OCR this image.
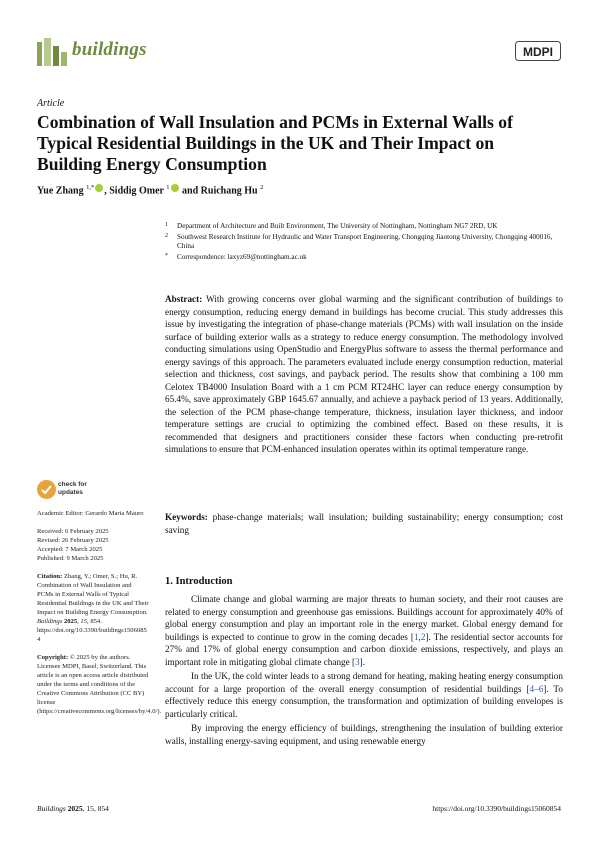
buildings	MDPI
Article
Combination of Wall Insulation and PCMs in External Walls of Typical Residential Buildings in the UK and Their Impact on Building Energy Consumption
Yue Zhang $^{1,*}$ , Siddig Omer $^1$ and Ruichang Hu $^2$
1 Department of Architecture and Built Environment, The University of Nottingham, Nottingham NG7 2RD, UK
2 Southwest Research Institute for Hydraulic and Water Transport Engineering, Chongqing Jiaotong University, Chongqing 400016, China
* Correspondence: laxyz69@nottingham.ac.uk
Abstract: With growing concerns over global warming and the significant contribution of buildings to energy consumption, reducing energy demand in buildings has become crucial. This study addresses this issue by investigating the integration of phase-change materials (PCMs) with wall insulation on the inside surface of building exterior walls as a strategy to reduce energy consumption. The methodology involved conducting simulations using OpenStudio and EnergyPlus software to assess the thermal performance and energy savings of this approach. The parameters evaluated include energy consumption reduction, material selection and thickness, cost savings, and payback period. The results show that combining a 100 mm Celotex TB4000 Insulation Board with a 1 cm PCM RT24HC layer can reduce energy consumption by 65.4%, save approximately GBP 1645.67 annually, and achieve a payback period of 13 years. Additionally, the selection of the PCM phase-change temperature, thickness, insulation layer thickness, and indoor temperature settings are crucial to optimizing the combined effect. Based on these results, it is recommended that designers and practitioners consider these factors when conducting pre-retrofit simulations to ensure that PCM-enhanced insulation operates within its optimal temperature range.
Keywords: phase-change materials; wall insulation; building sustainability; energy consumption; cost saving
check for
updates
Academic Editor: Gerardo Maria Mauro
Received: 6 February 2025
Revised: 26 February 2025
Accepted: 7 March 2025
Published: 9 March 2025
Citation: Zhang, Y.; Omer, S.; Hu, R. Combination of Wall Insulation and PCMs in External Walls of Typical Residential Buildings in the UK and Their Impact on Building Energy Consumption. Buildings 2025, 15, 854.
https://doi.org/10.3390/buildings15060854
Copyright: © 2025 by the authors. Licensee MDPI, Basel, Switzerland. This article is an open access article distributed under the terms and conditions of the Creative Commons Attribution (CC BY) license (https://creativecommons.org/licenses/by/4.0/).
1. Introduction

Climate change and global warming are major threats to human society, and their root causes are related to energy consumption and greenhouse gas emissions. Buildings account for approximately 40% of global energy consumption and play an important role in the energy market. Global energy demand for buildings is expected to continue to grow in the coming decades [1,2]. The residential sector accounts for 27% and 17% of global energy consumption and carbon dioxide emissions, respectively, and plays an important role in mitigating global climate change [3].

In the UK, the cold winter leads to a strong demand for heating, making heating energy consumption account for a large proportion of the overall energy consumption of residential buildings [4–6]. To effectively reduce this energy consumption, the transformation and optimization of building envelopes is particularly critical.

By improving the energy efficiency of buildings, strengthening the insulation of building exterior walls, installing energy-saving equipment, and using renewable energy

Buildings 2025, 15, 854	https://doi.org/10.3390/buildings15060854
